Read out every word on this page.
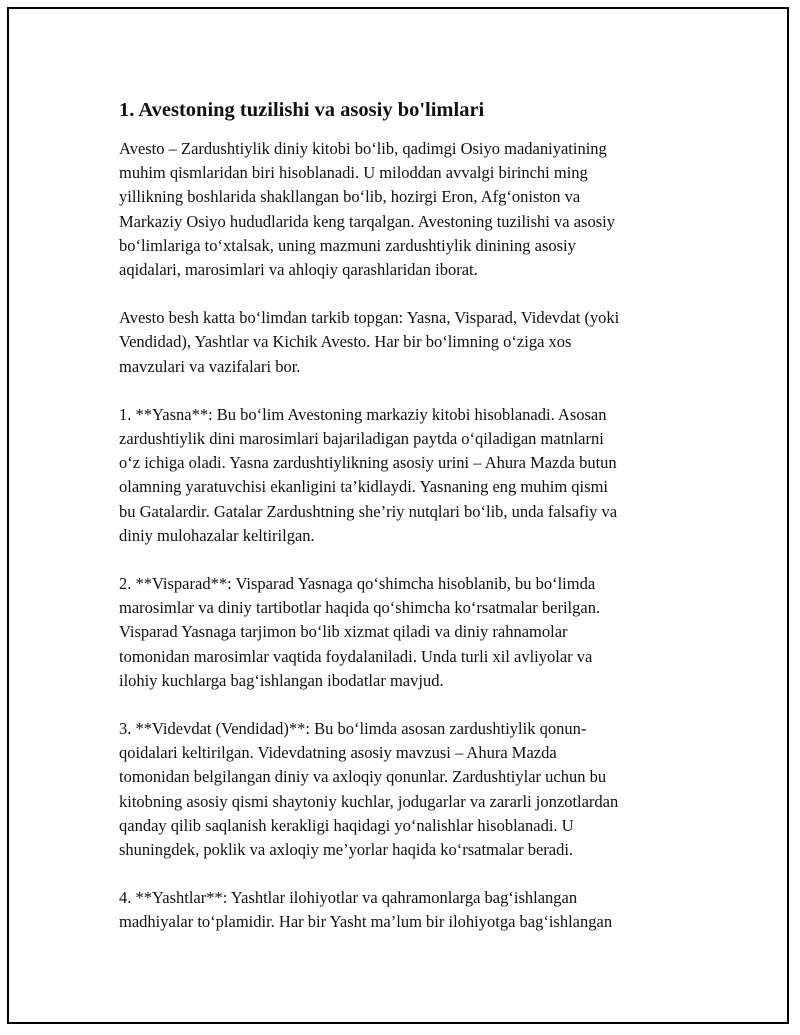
1. Avestoning tuzilishi va asosiy bo'limlari
Avesto – Zardushtiylik diniy kitobi bo‘lib, qadimgi Osiyo madaniyatining
muhim qismlaridan biri hisoblanadi. U miloddan avvalgi birinchi ming
yillikning boshlarida shakllangan bo‘lib, hozirgi Eron, Afg‘oniston va
Markaziy Osiyo hududlarida keng tarqalgan. Avestoning tuzilishi va asosiy
bo‘limlariga to‘xtalsak, uning mazmuni zardushtiylik dinining asosiy
aqidalari, marosimlari va ahloqiy qarashlaridan iborat.
Avesto besh katta bo‘limdan tarkib topgan: Yasna, Visparad, Videvdat (yoki
Vendidad), Yashtlar va Kichik Avesto. Har bir bo‘limning o‘ziga xos
mavzulari va vazifalari bor.
1. **Yasna**: Bu bo‘lim Avestoning markaziy kitobi hisoblanadi. Asosan
zardushtiylik dini marosimlari bajariladigan paytda o‘qiladigan matnlarni
o‘z ichiga oladi. Yasna zardushtiylikning asosiy urini – Ahura Mazda butun
olamning yaratuvchisi ekanligini ta’kidlaydi. Yasnaning eng muhim qismi
bu Gatalardir. Gatalar Zardushtning she’riy nutqlari bo‘lib, unda falsafiy va
diniy mulohazalar keltirilgan.
2. **Visparad**: Visparad Yasnaga qo‘shimcha hisoblanib, bu bo‘limda
marosimlar va diniy tartibotlar haqida qo‘shimcha ko‘rsatmalar berilgan.
Visparad Yasnaga tarjimon bo‘lib xizmat qiladi va diniy rahnamolar
tomonidan marosimlar vaqtida foydalaniladi. Unda turli xil avliyolar va
ilohiy kuchlarga bag‘ishlangan ibodatlar mavjud.
3. **Videvdat (Vendidad)**: Bu bo‘limda asosan zardushtiylik qonun-
qoidalari keltirilgan. Videvdatning asosiy mavzusi – Ahura Mazda
tomonidan belgilangan diniy va axloqiy qonunlar. Zardushtiylar uchun bu
kitobning asosiy qismi shaytoniy kuchlar, jodugarlar va zararli jonzotlardan
qanday qilib saqlanish kerakligi haqidagi yo‘nalishlar hisoblanadi. U
shuningdek, poklik va axloqiy me’yorlar haqida ko‘rsatmalar beradi.
4. **Yashtlar**: Yashtlar ilohiyotlar va qahramonlarga bag‘ishlangan
madhiyalar to‘plamidir. Har bir Yasht ma’lum bir ilohiyotga bag‘ishlangan
